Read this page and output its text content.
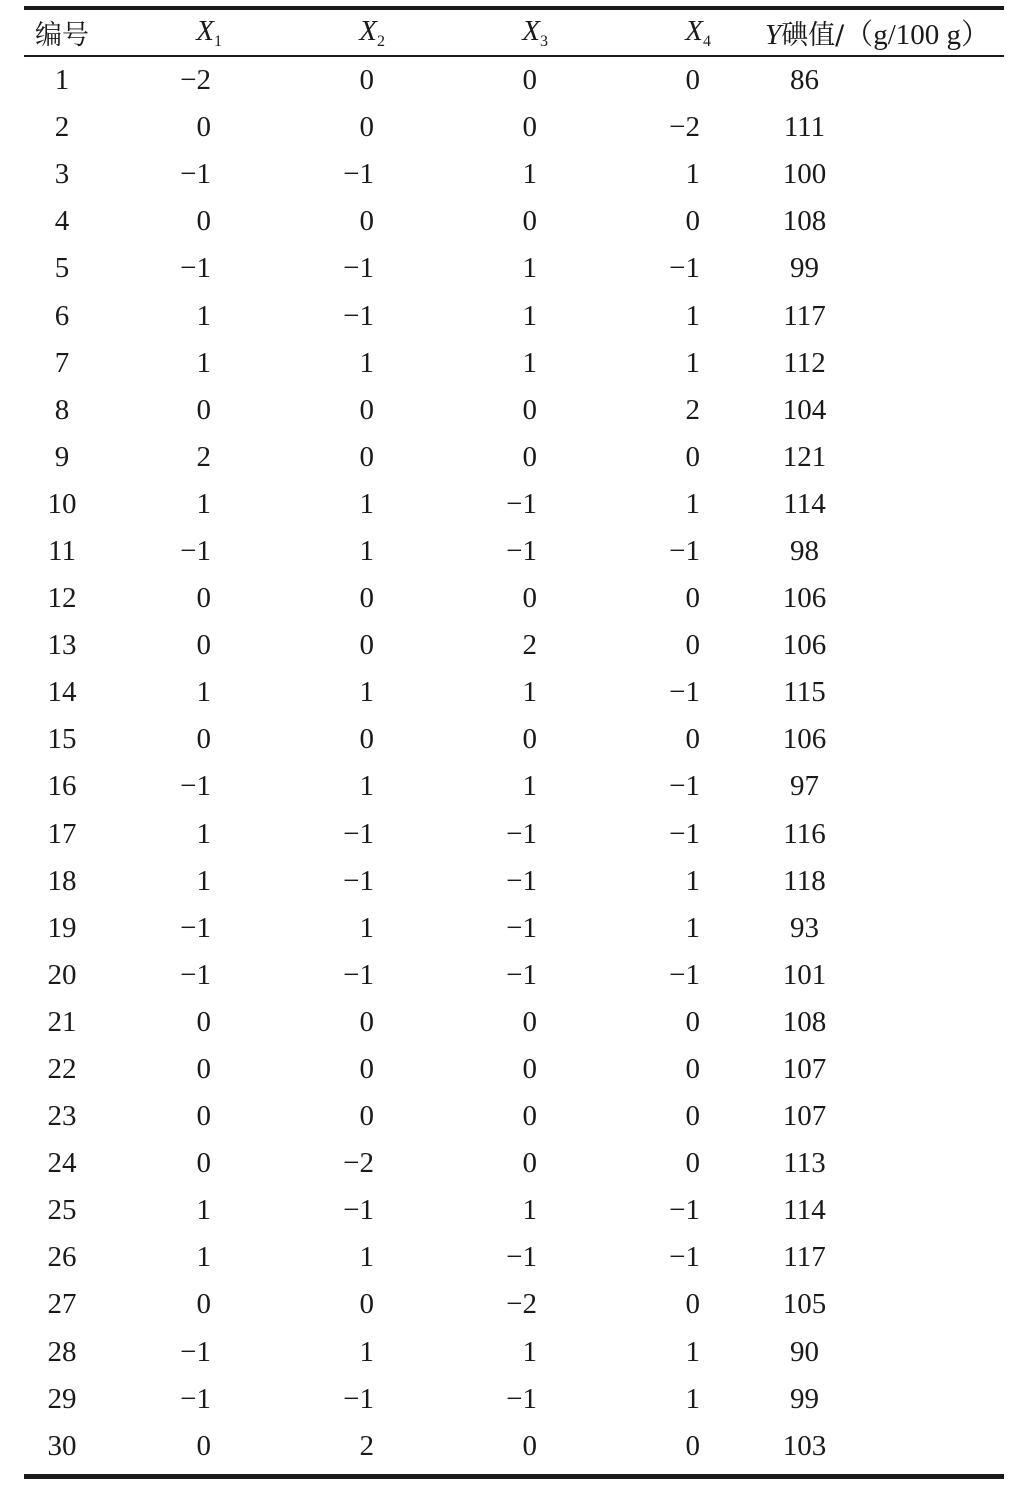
编号	$X_1$	$X_2$	$X_3$	$X_4$	Y碘值/（g/100 g）
1	−2	0	0	0	86
2	0	0	0	−2	111
3	−1	−1	1	1	100
4	0	0	0	0	108
5	−1	−1	1	−1	99
6	1	−1	1	1	117
7	1	1	1	1	112
8	0	0	0	2	104
9	2	0	0	0	121
10	1	1	−1	1	114
11	−1	1	−1	−1	98
12	0	0	0	0	106
13	0	0	2	0	106
14	1	1	1	−1	115
15	0	0	0	0	106
16	−1	1	1	−1	97
17	1	−1	−1	−1	116
18	1	−1	−1	1	118
19	−1	1	−1	1	93
20	−1	−1	−1	−1	101
21	0	0	0	0	108
22	0	0	0	0	107
23	0	0	0	0	107
24	0	−2	0	0	113
25	1	−1	1	−1	114
26	1	1	−1	−1	117
27	0	0	−2	0	105
28	−1	1	1	1	90
29	−1	−1	−1	1	99
30	0	2	0	0	103
